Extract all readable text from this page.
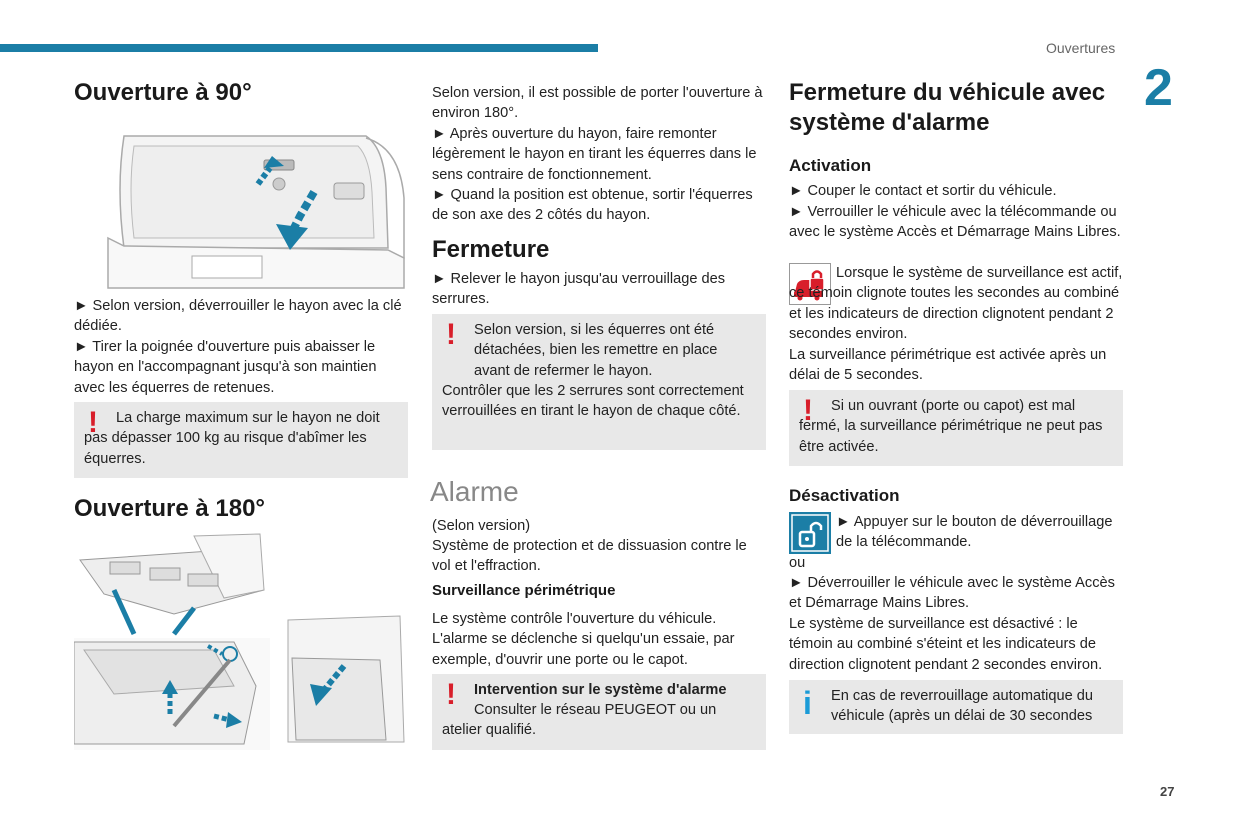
Ouvertures
2
27
Ouverture à 90°
► Selon version, déverrouiller le hayon avec la clé dédiée.
► Tirer la poignée d'ouverture puis abaisser le hayon en l'accompagnant jusqu'à son maintien avec les équerres de retenues.
! La charge maximum sur le hayon ne doit pas dépasser 100 kg au risque d'abîmer les équerres.
Ouverture à 180°
Selon version, il est possible de porter l'ouverture à environ 180°.
► Après ouverture du hayon, faire remonter légèrement le hayon en tirant les équerres dans le sens contraire de fonctionnement.
► Quand la position est obtenue, sortir l'équerres de son axe des 2 côtés du hayon.
Fermeture
► Relever le hayon jusqu'au verrouillage des serrures.
!	Selon version, si les équerres ont été détachées, bien les remettre en place avant de refermer le hayon.
Contrôler que les 2 serrures sont correctement verrouillées en tirant le hayon de chaque côté.
Alarme
(Selon version)
Système de protection et de dissuasion contre le vol et l'effraction.
Surveillance périmétrique
Le système contrôle l'ouverture du véhicule. L'alarme se déclenche si quelqu'un essaie, par exemple, d'ouvrir une porte ou le capot.
!	Intervention sur le système d'alarme
Consulter le réseau PEUGEOT ou un atelier qualifié.
Fermeture du véhicule avec système d'alarme
Activation
► Couper le contact et sortir du véhicule.
► Verrouiller le véhicule avec la télécommande ou avec le système Accès et Démarrage Mains Libres.
Lorsque le système de surveillance est actif, ce témoin clignote toutes les secondes au combiné et les indicateurs de direction clignotent pendant 2 secondes environ.
La surveillance périmétrique est activée après un délai de 5 secondes.
! Si un ouvrant (porte ou capot) est mal fermé, la surveillance périmétrique ne peut pas être activée.
Désactivation
► Appuyer sur le bouton de déverrouillage de la télécommande.
ou
► Déverrouiller le véhicule avec le système Accès et Démarrage Mains Libres.
Le système de surveillance est désactivé : le témoin au combiné s'éteint et les indicateurs de direction clignotent pendant 2 secondes environ.
i	En cas de reverrouillage automatique du véhicule (après un délai de 30 secondes
